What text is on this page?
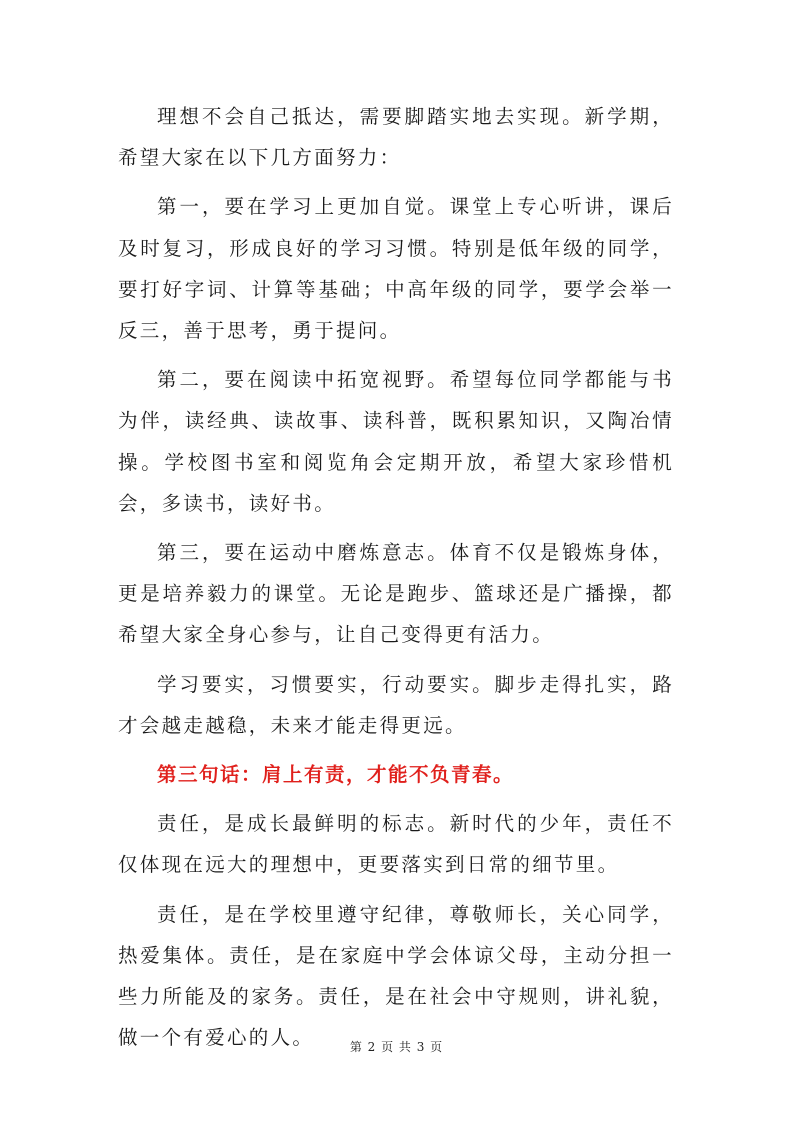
理想不会自己抵达，需要脚踏实地去实现。新学期，希望大家在以下几方面努力：

第一，要在学习上更加自觉。课堂上专心听讲，课后及时复习，形成良好的学习习惯。特别是低年级的同学，要打好字词、计算等基础；中高年级的同学，要学会举一反三，善于思考，勇于提问。

第二，要在阅读中拓宽视野。希望每位同学都能与书为伴，读经典、读故事、读科普，既积累知识，又陶冶情操。学校图书室和阅览角会定期开放，希望大家珍惜机会，多读书，读好书。

第三，要在运动中磨炼意志。体育不仅是锻炼身体，更是培养毅力的课堂。无论是跑步、篮球还是广播操，都希望大家全身心参与，让自己变得更有活力。

学习要实，习惯要实，行动要实。脚步走得扎实，路才会越走越稳，未来才能走得更远。

第三句话：肩上有责，才能不负青春。

责任，是成长最鲜明的标志。新时代的少年，责任不仅体现在远大的理想中，更要落实到日常的细节里。

责任，是在学校里遵守纪律，尊敬师长，关心同学，热爱集体。责任，是在家庭中学会体谅父母，主动分担一些力所能及的家务。责任，是在社会中守规则，讲礼貌，做一个有爱心的人。	第 2 页 共 3 页
